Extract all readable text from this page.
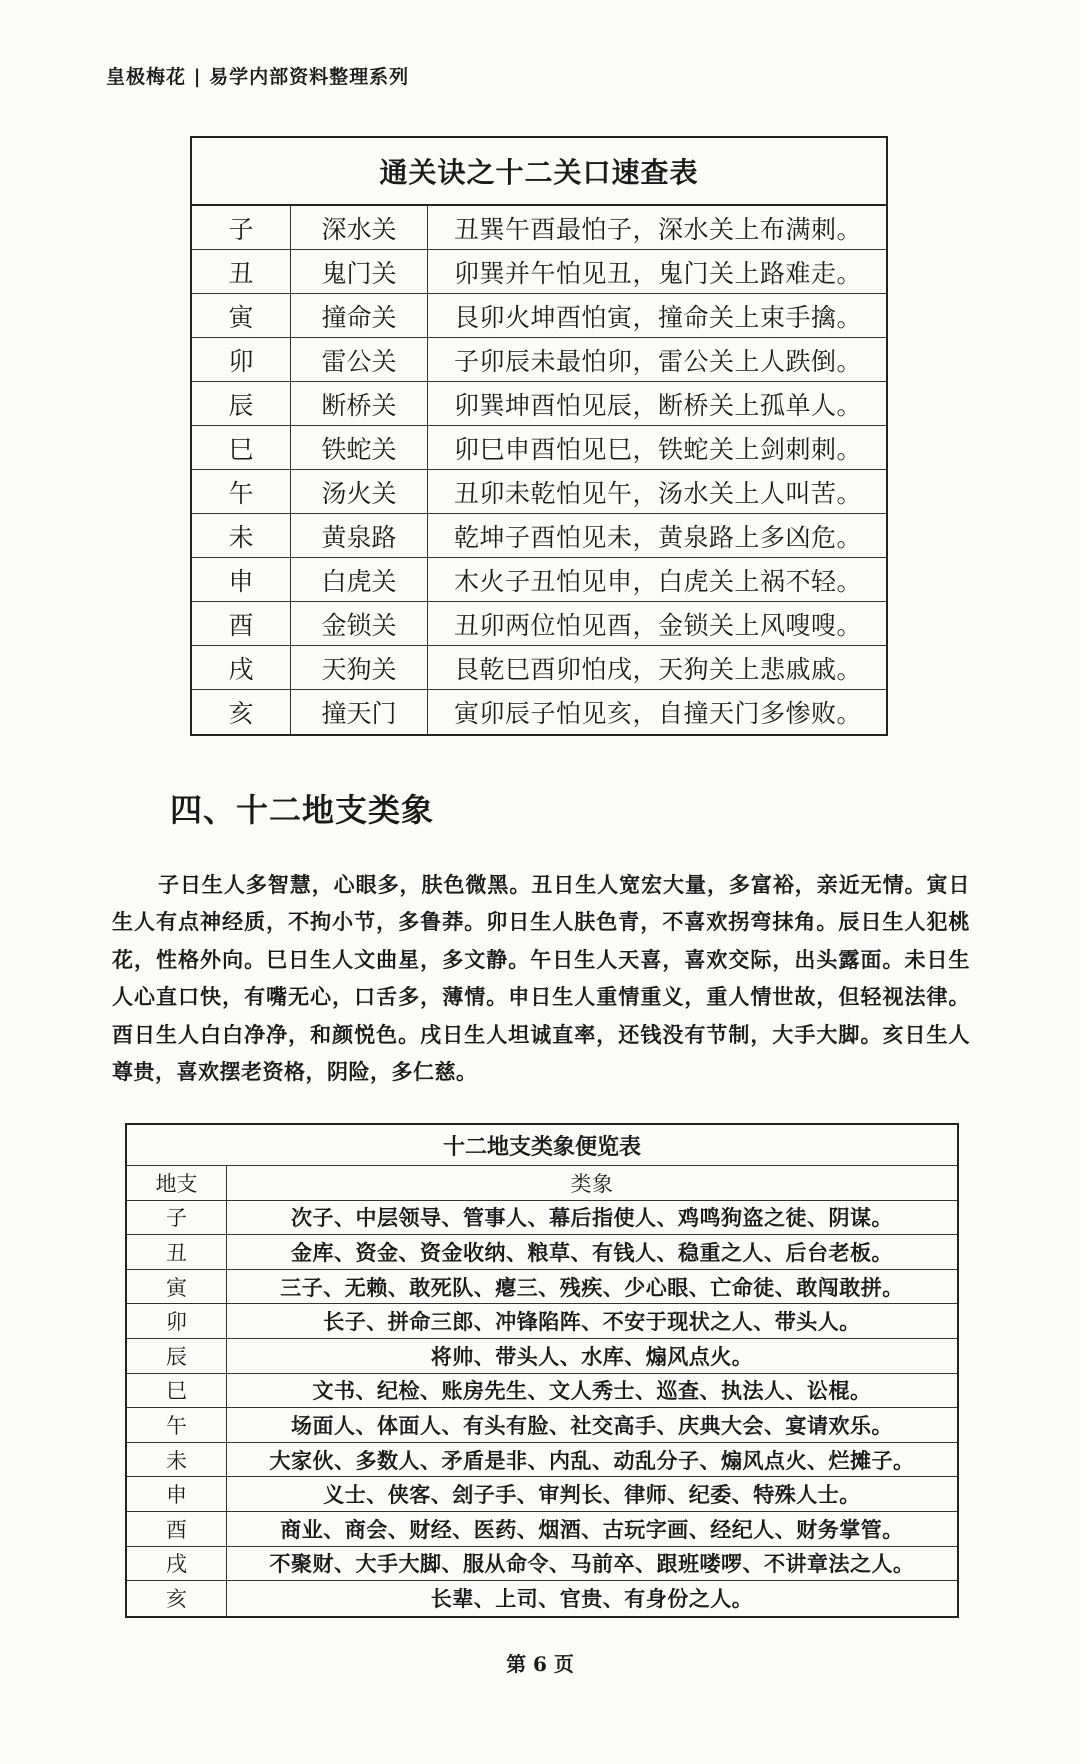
皇极梅花 | 易学内部资料整理系列
通关诀之十二关口速查表
子	深水关	丑巽午酉最怕子，深水关上布满刺。
丑	鬼门关	卯巽并午怕见丑，鬼门关上路难走。
寅	撞命关	艮卯火坤酉怕寅，撞命关上束手擒。
卯	雷公关	子卯辰未最怕卯，雷公关上人跌倒。
辰	断桥关	卯巽坤酉怕见辰，断桥关上孤单人。
巳	铁蛇关	卯巳申酉怕见巳，铁蛇关上剑刺刺。
午	汤火关	丑卯未乾怕见午，汤水关上人叫苦。
未	黄泉路	乾坤子酉怕见未，黄泉路上多凶危。
申	白虎关	木火子丑怕见申，白虎关上祸不轻。
酉	金锁关	丑卯两位怕见酉，金锁关上风嗖嗖。
戌	天狗关	艮乾巳酉卯怕戌，天狗关上悲戚戚。
亥	撞天门	寅卯辰子怕见亥，自撞天门多惨败。
四、十二地支类象
子日生人多智慧，心眼多，肤色微黑。丑日生人宽宏大量，多富裕，亲近无情。寅日生人有点神经质，不拘小节，多鲁莽。卯日生人肤色青，不喜欢拐弯抹角。辰日生人犯桃花，性格外向。巳日生人文曲星，多文静。午日生人天喜，喜欢交际，出头露面。未日生人心直口快，有嘴无心，口舌多，薄情。申日生人重情重义，重人情世故，但轻视法律。酉日生人白白净净，和颜悦色。戌日生人坦诚直率，还钱没有节制，大手大脚。亥日生人尊贵，喜欢摆老资格，阴险，多仁慈。
十二地支类象便览表
地支	类象
子	次子、中层领导、管事人、幕后指使人、鸡鸣狗盗之徒、阴谋。
丑	金库、资金、资金收纳、粮草、有钱人、稳重之人、后台老板。
寅	三子、无赖、敢死队、瘪三、残疾、少心眼、亡命徒、敢闯敢拼。
卯	长子、拼命三郎、冲锋陷阵、不安于现状之人、带头人。
辰	将帅、带头人、水库、煽风点火。
巳	文书、纪检、账房先生、文人秀士、巡查、执法人、讼棍。
午	场面人、体面人、有头有脸、社交高手、庆典大会、宴请欢乐。
未	大家伙、多数人、矛盾是非、内乱、动乱分子、煽风点火、烂摊子。
申	义士、侠客、刽子手、审判长、律师、纪委、特殊人士。
酉	商业、商会、财经、医药、烟酒、古玩字画、经纪人、财务掌管。
戌	不聚财、大手大脚、服从命令、马前卒、跟班喽啰、不讲章法之人。
亥	长辈、上司、官贵、有身份之人。
第 6 页
